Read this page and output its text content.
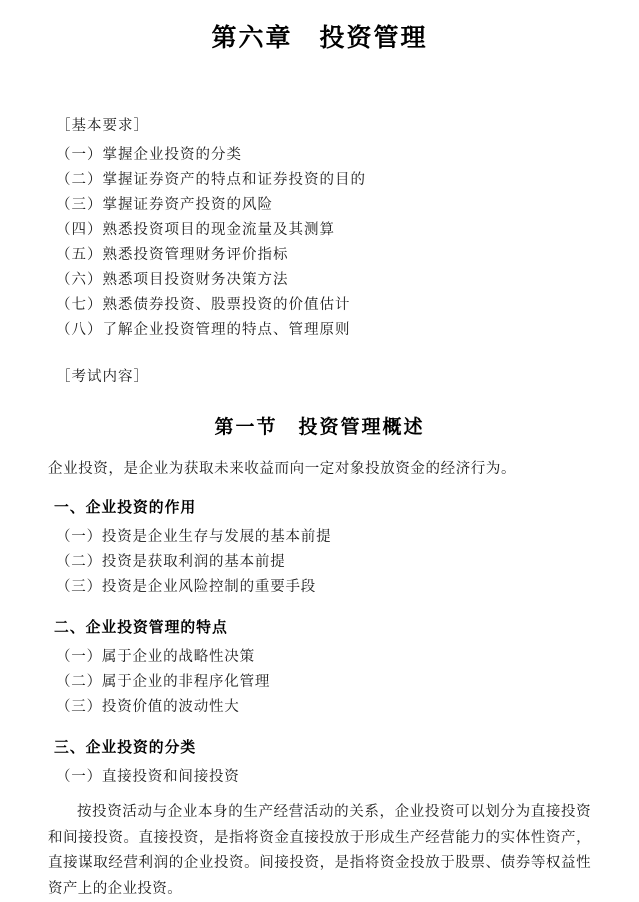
第六章　投资管理
［基本要求］
（一）掌握企业投资的分类
（二）掌握证券资产的特点和证券投资的目的
（三）掌握证券资产投资的风险
（四）熟悉投资项目的现金流量及其测算
（五）熟悉投资管理财务评价指标
（六）熟悉项目投资财务决策方法
（七）熟悉债券投资、股票投资的价值估计
（八）了解企业投资管理的特点、管理原则
［考试内容］
第一节　投资管理概述

企业投资，是企业为获取未来收益而向一定对象投放资金的经济行为。

一、企业投资的作用
（一）投资是企业生存与发展的基本前提
（二）投资是获取利润的基本前提
（三）投资是企业风险控制的重要手段
二、企业投资管理的特点
（一）属于企业的战略性决策
（二）属于企业的非程序化管理
（三）投资价值的波动性大
三、企业投资的分类
（一）直接投资和间接投资

按投资活动与企业本身的生产经营活动的关系，企业投资可以划分为直接投资和间接投资。直接投资，是指将资金直接投放于形成生产经营能力的实体性资产，直接谋取经营利润的企业投资。间接投资，是指将资金投放于股票、债券等权益性资产上的企业投资。
